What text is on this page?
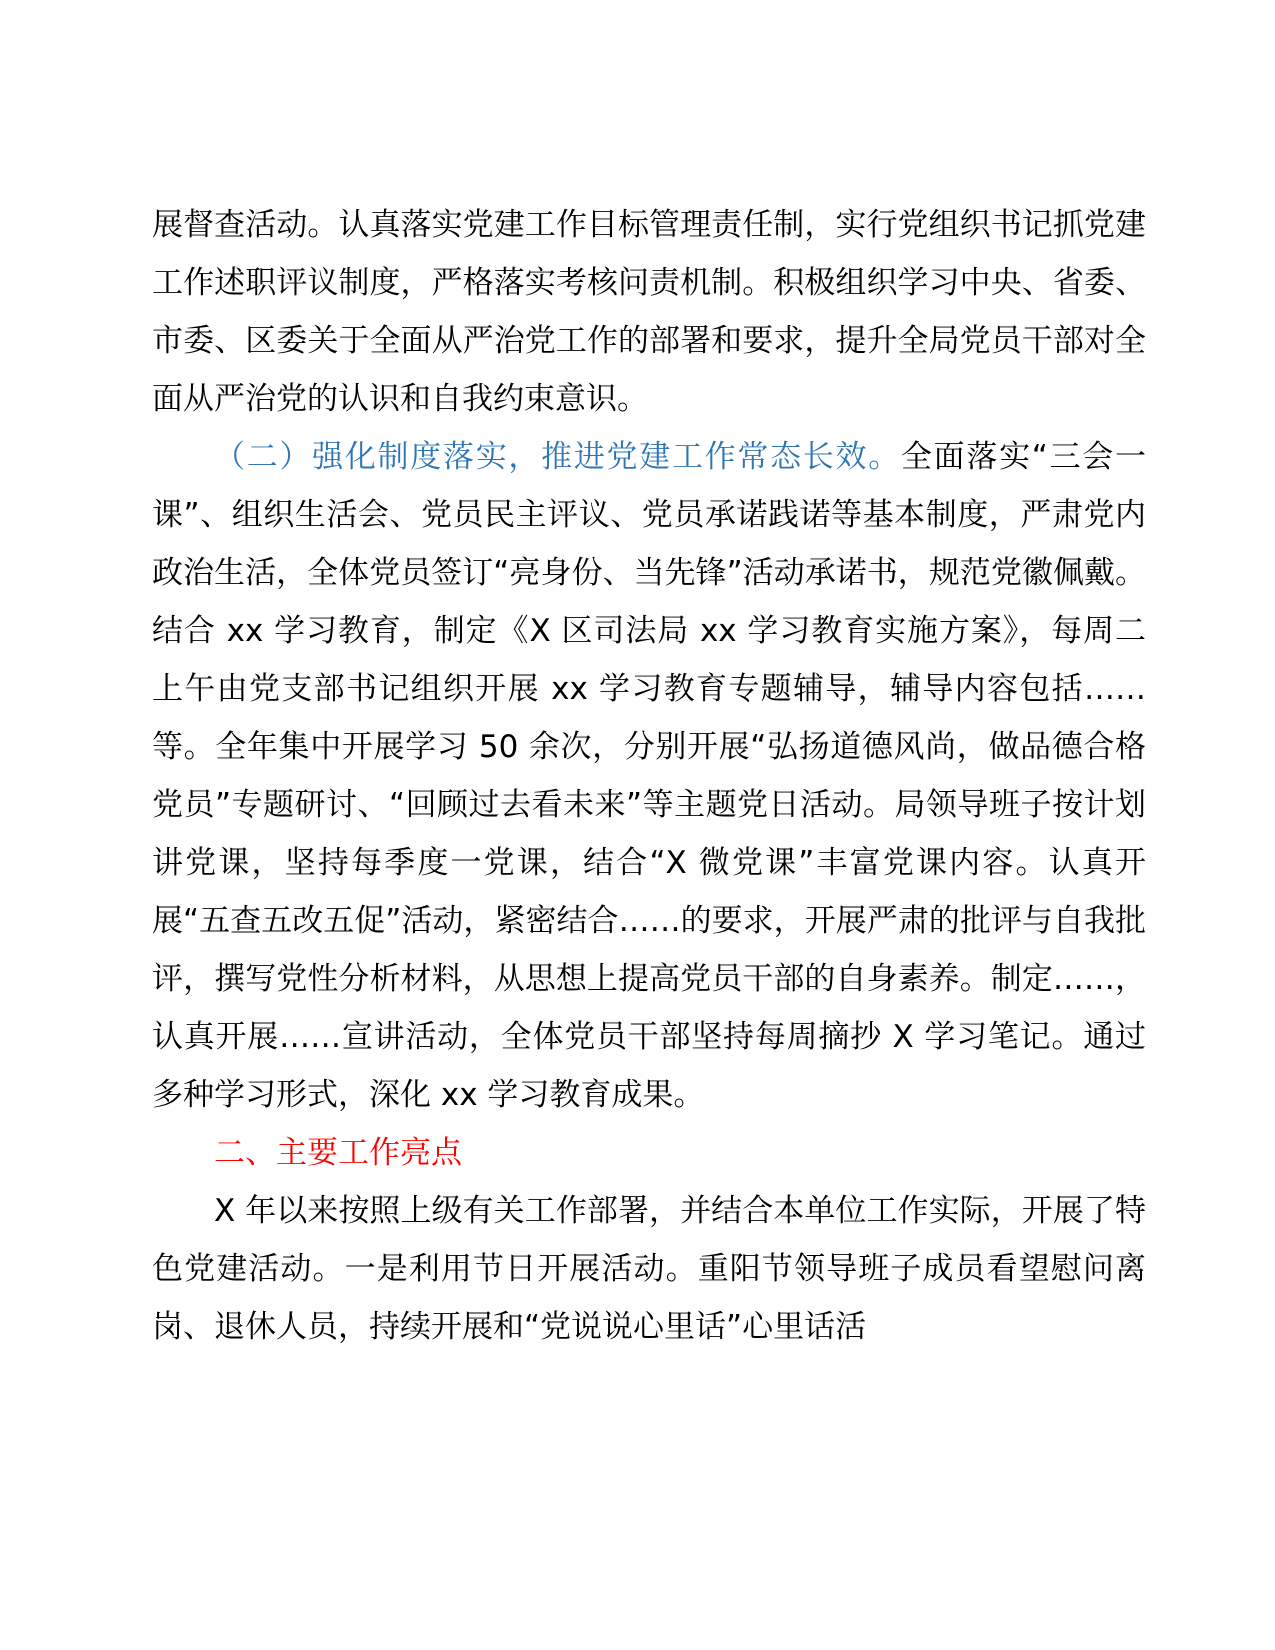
展督查活动。认真落实党建工作目标管理责任制，实行党组织书记抓党建工作述职评议制度，严格落实考核问责机制。积极组织学习中央、省委、市委、区委关于全面从严治党工作的部署和要求，提升全局党员干部对全面从严治党的认识和自我约束意识。

（二）强化制度落实，推进党建工作常态长效。全面落实“三会一课”、组织生活会、党员民主评议、党员承诺践诺等基本制度，严肃党内政治生活，全体党员签订“亮身份、当先锋”活动承诺书，规范党徽佩戴。结合 xx 学习教育，制定《X 区司法局 xx 学习教育实施方案》，每周二上午由党支部书记组织开展 xx 学习教育专题辅导，辅导内容包括……等。全年集中开展学习 50 余次，分别开展“弘扬道德风尚，做品德合格党员”专题研讨、“回顾过去看未来”等主题党日活动。局领导班子按计划讲党课，坚持每季度一党课，结合“X 微党课”丰富党课内容。认真开展“五查五改五促”活动，紧密结合……的要求，开展严肃的批评与自我批评，撰写党性分析材料，从思想上提高党员干部的自身素养。制定……，认真开展……宣讲活动，全体党员干部坚持每周摘抄 X 学习笔记。通过多种学习形式，深化 xx 学习教育成果。

二、主要工作亮点

X 年以来按照上级有关工作部署，并结合本单位工作实际，开展了特色党建活动。一是利用节日开展活动。重阳节领导班子成员看望慰问离岗、退休人员，持续开展和“党说说心里话”心里话活
